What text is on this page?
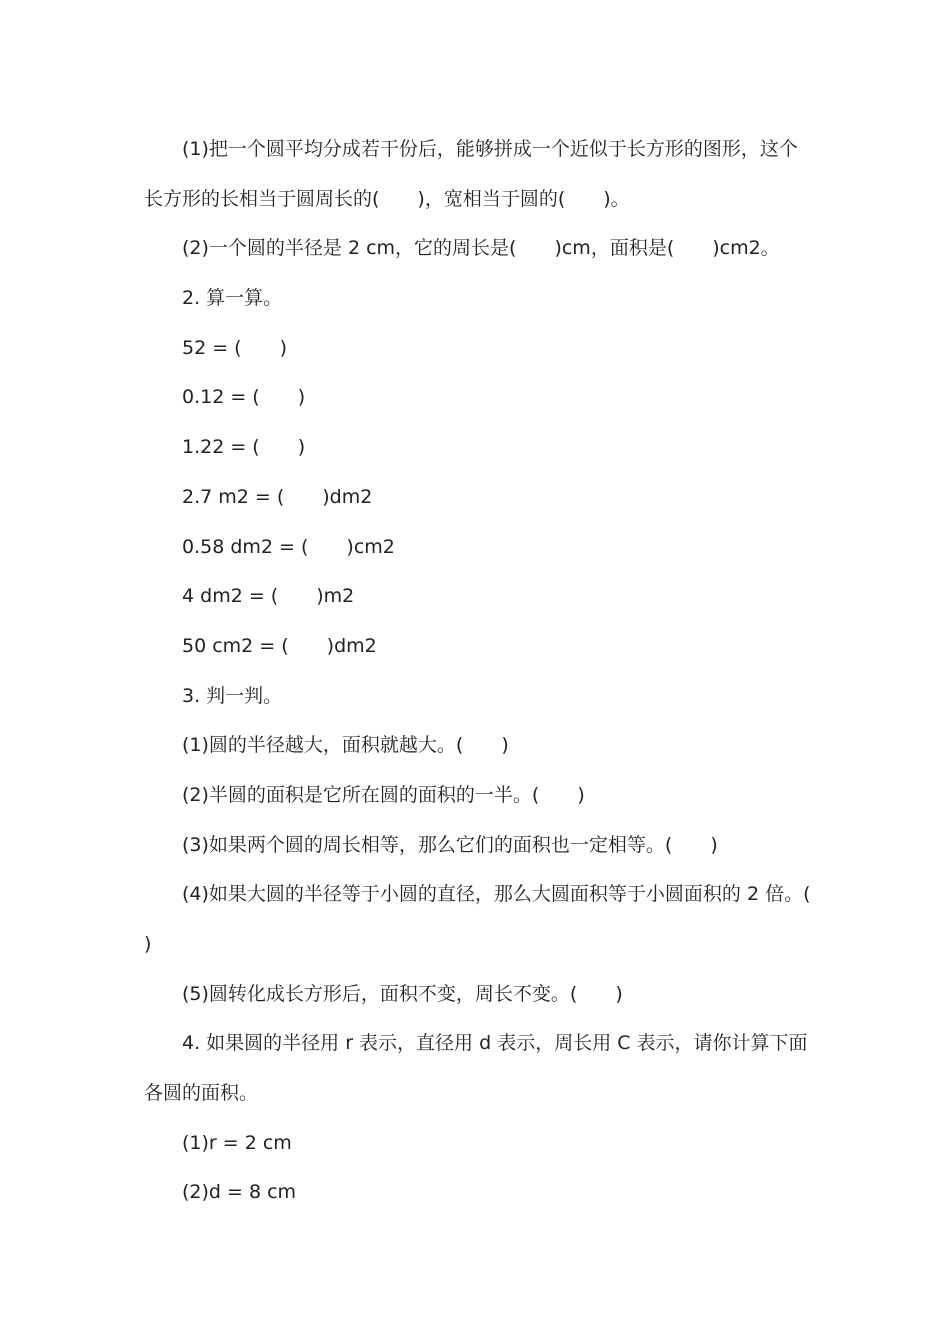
(1)把一个圆平均分成若干份后，能够拼成一个近似于长方形的图形，这个
长方形的长相当于圆周长的(　　)，宽相当于圆的(　　)。
(2)一个圆的半径是 2 cm，它的周长是(　　)cm，面积是(　　)cm2。
2. 算一算。
52 = (　　)
0.12 = (　　)
1.22 = (　　)
2.7 m2 = (　　)dm2
0.58 dm2 = (　　)cm2
4 dm2 = (　　)m2
50 cm2 = (　　)dm2
3. 判一判。
(1)圆的半径越大，面积就越大。(　　)
(2)半圆的面积是它所在圆的面积的一半。(　　)
(3)如果两个圆的周长相等，那么它们的面积也一定相等。(　　)
(4)如果大圆的半径等于小圆的直径，那么大圆面积等于小圆面积的 2 倍。(
)
(5)圆转化成长方形后，面积不变，周长不变。(　　)
4. 如果圆的半径用 r 表示，直径用 d 表示，周长用 C 表示，请你计算下面
各圆的面积。
(1)r = 2 cm
(2)d = 8 cm
